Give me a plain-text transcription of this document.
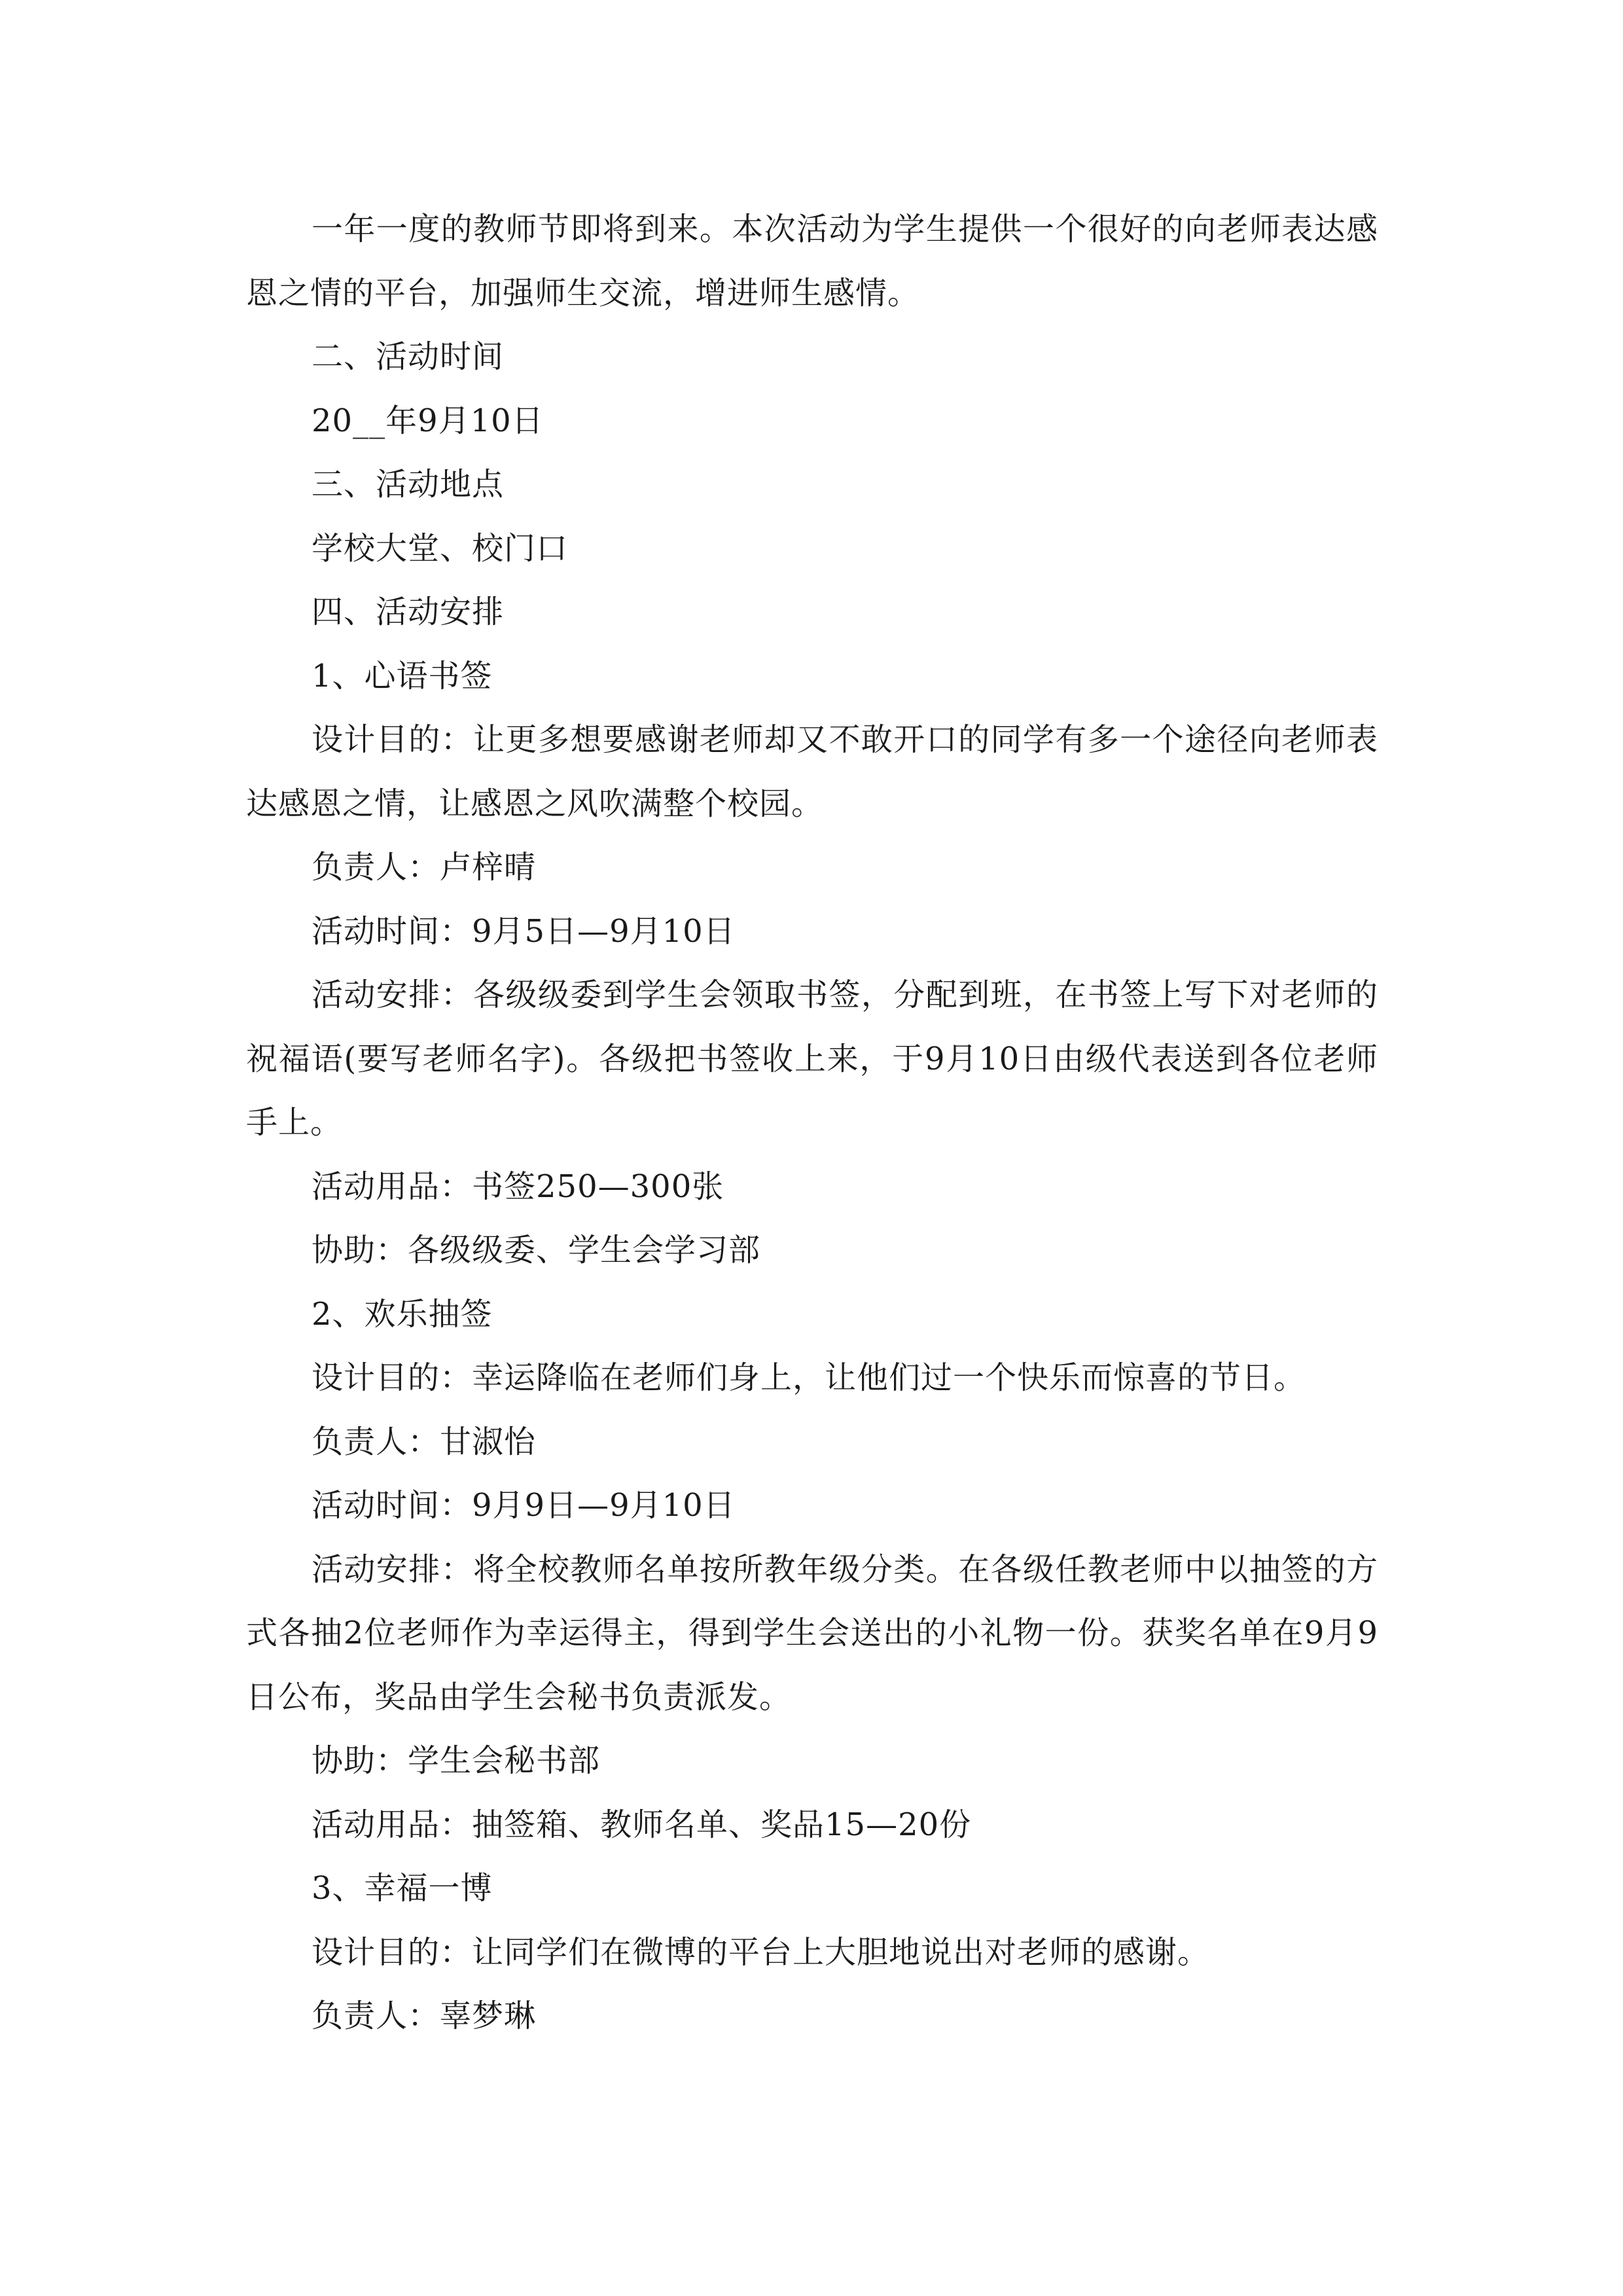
一年一度的教师节即将到来。本次活动为学生提供一个很好的向老师表达感恩之情的平台，加强师生交流，增进师生感情。

二、活动时间

20__年9月10日

三、活动地点

学校大堂、校门口

四、活动安排

1、心语书签

设计目的：让更多想要感谢老师却又不敢开口的同学有多一个途径向老师表达感恩之情，让感恩之风吹满整个校园。

负责人：卢梓晴

活动时间：9月5日—9月10日

活动安排：各级级委到学生会领取书签，分配到班，在书签上写下对老师的祝福语(要写老师名字)。各级把书签收上来，于9月10日由级代表送到各位老师手上。

活动用品：书签250—300张

协助：各级级委、学生会学习部

2、欢乐抽签

设计目的：幸运降临在老师们身上，让他们过一个快乐而惊喜的节日。

负责人：甘淑怡

活动时间：9月9日—9月10日

活动安排：将全校教师名单按所教年级分类。在各级任教老师中以抽签的方式各抽2位老师作为幸运得主，得到学生会送出的小礼物一份。获奖名单在9月9日公布，奖品由学生会秘书负责派发。

协助：学生会秘书部

活动用品：抽签箱、教师名单、奖品15—20份

3、幸福一博

设计目的：让同学们在微博的平台上大胆地说出对老师的感谢。

负责人：辜梦琳
